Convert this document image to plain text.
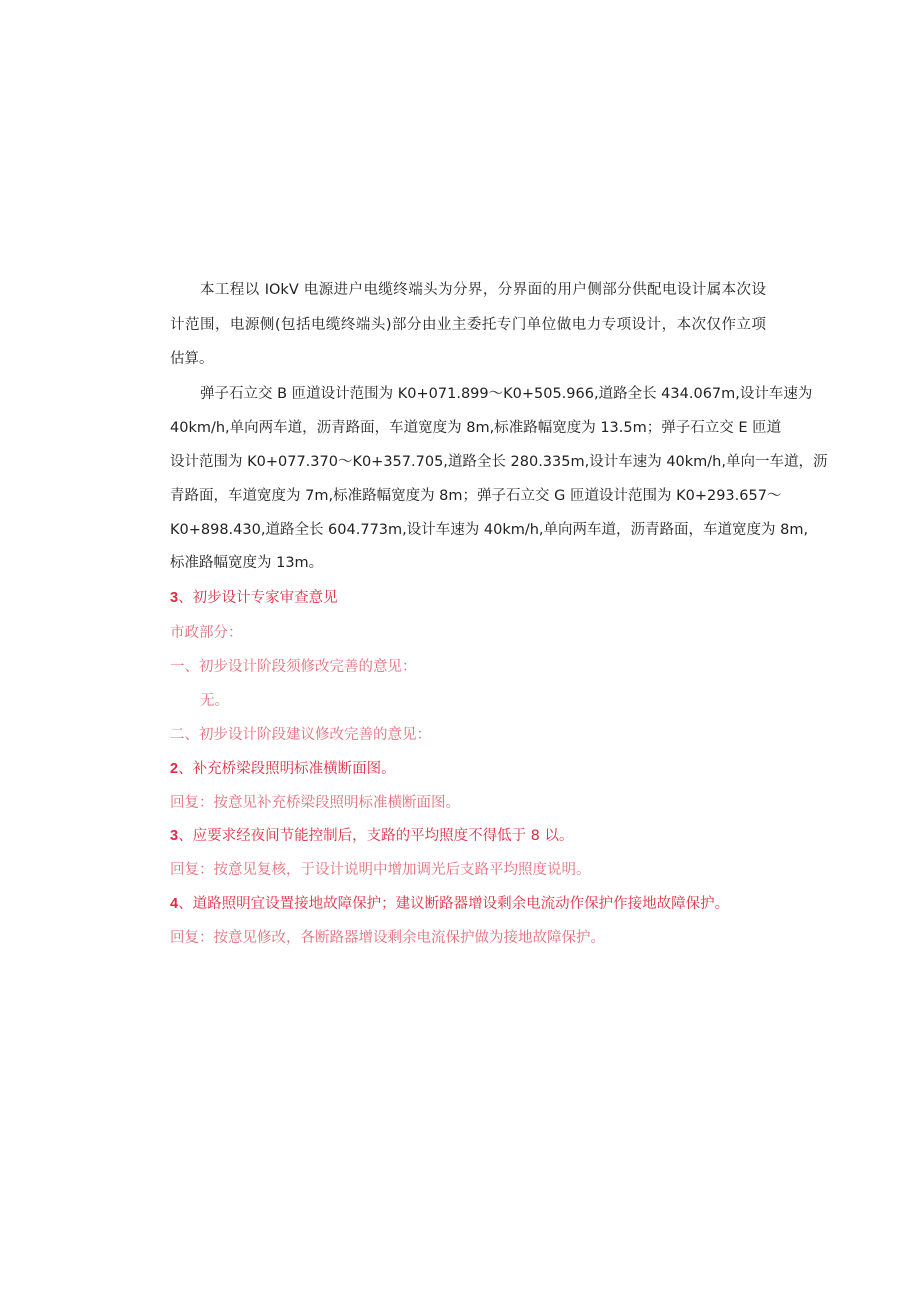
本工程以 IOkV 电源进户电缆终端头为分界，分界面的用户侧部分供配电设计属本次设
计范围，电源侧(包括电缆终端头)部分由业主委托专门单位做电力专项设计，本次仅作立项
估算。
弹子石立交 B 匝道设计范围为 K0+071.899～K0+505.966,道路全长 434.067m,设计车速为
40km/h,单向两车道，沥青路面，车道宽度为 8m,标准路幅宽度为 13.5m；弹子石立交 E 匝道
设计范围为 K0+077.370～K0+357.705,道路全长 280.335m,设计车速为 40km/h,单向一车道，沥
青路面，车道宽度为 7m,标准路幅宽度为 8m；弹子石立交 G 匝道设计范围为 K0+293.657～
K0+898.430,道路全长 604.773m,设计车速为 40km/h,单向两车道，沥青路面，车道宽度为 8m,
标准路幅宽度为 13m。
3、初步设计专家审查意见
市政部分：
一、初步设计阶段须修改完善的意见：
无。
二、初步设计阶段建议修改完善的意见：
2、补充桥梁段照明标准横断面图。
回复：按意见补充桥梁段照明标准横断面图。
3、应要求经夜间节能控制后，支路的平均照度不得低于 8 以。
回复：按意见复核，于设计说明中增加调光后支路平均照度说明。
4、道路照明宜设置接地故障保护；建议断路器增设剩余电流动作保护作接地故障保护。
回复：按意见修改，各断路器增设剩余电流保护做为接地故障保护。
